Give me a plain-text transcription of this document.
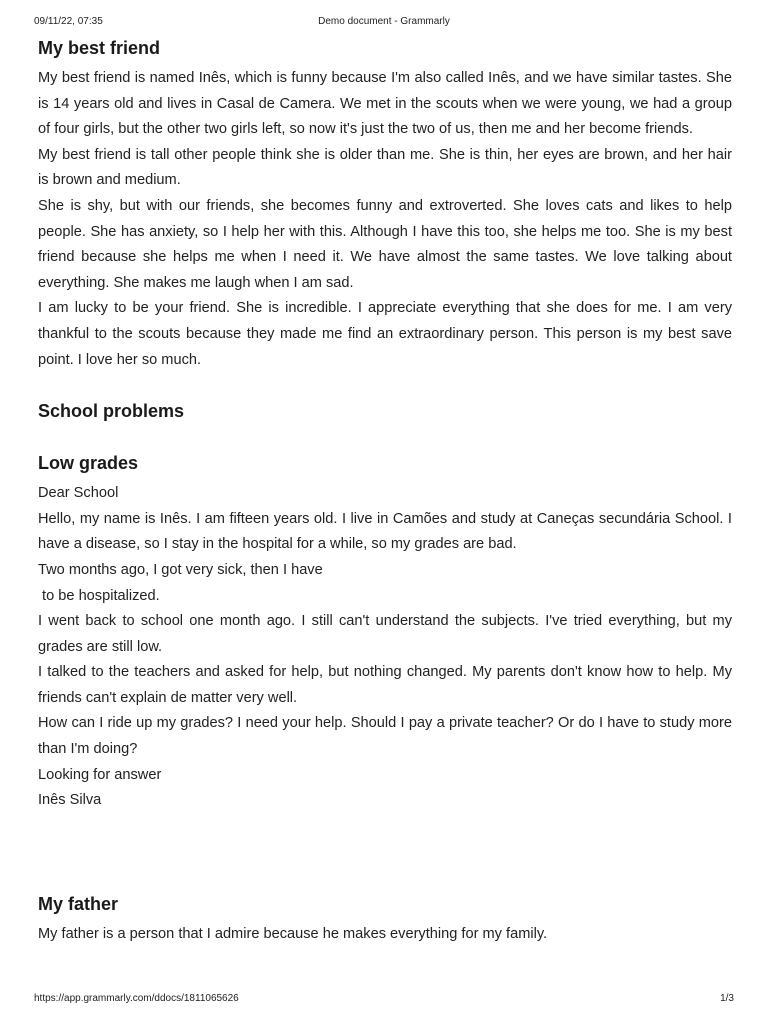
09/11/22, 07:35	Demo document - Grammarly
My best friend

My best friend is named Inês, which is funny because I'm also called Inês, and we have similar tastes. She is 14 years old and lives in Casal de Camera. We met in the scouts when we were young, we had a group of four girls, but the other two girls left, so now it's just the two of us, then me and her become friends.

My best friend is tall other people think she is older than me. She is thin, her eyes are brown, and her hair is brown and medium.

She is shy, but with our friends, she becomes funny and extroverted. She loves cats and likes to help people. She has anxiety, so I help her with this. Although I have this too, she helps me too. She is my best friend because she helps me when I need it. We have almost the same tastes. We love talking about everything. She makes me laugh when I am sad.

I am lucky to be your friend. She is incredible. I appreciate everything that she does for me. I am very thankful to the scouts because they made me find an extraordinary person. This person is my best save point. I love her so much.

School problems
Low grades

Dear School

Hello, my name is Inês. I am fifteen years old. I live in Camões and study at Caneças secundária School. I have a disease, so I stay in the hospital for a while, so my grades are bad.

Two months ago, I got very sick, then I have

to be hospitalized.

I went back to school one month ago. I still can't understand the subjects. I've tried everything, but my grades are still low.

I talked to the teachers and asked for help, but nothing changed. My parents don't know how to help. My friends can't explain de matter very well.

How can I ride up my grades? I need your help. Should I pay a private teacher? Or do I have to study more than I'm doing?

Looking for answer

Inês Silva

My father

My father is a person that I admire because he makes everything for my family.

https://app.grammarly.com/ddocs/1811065626	1/3
